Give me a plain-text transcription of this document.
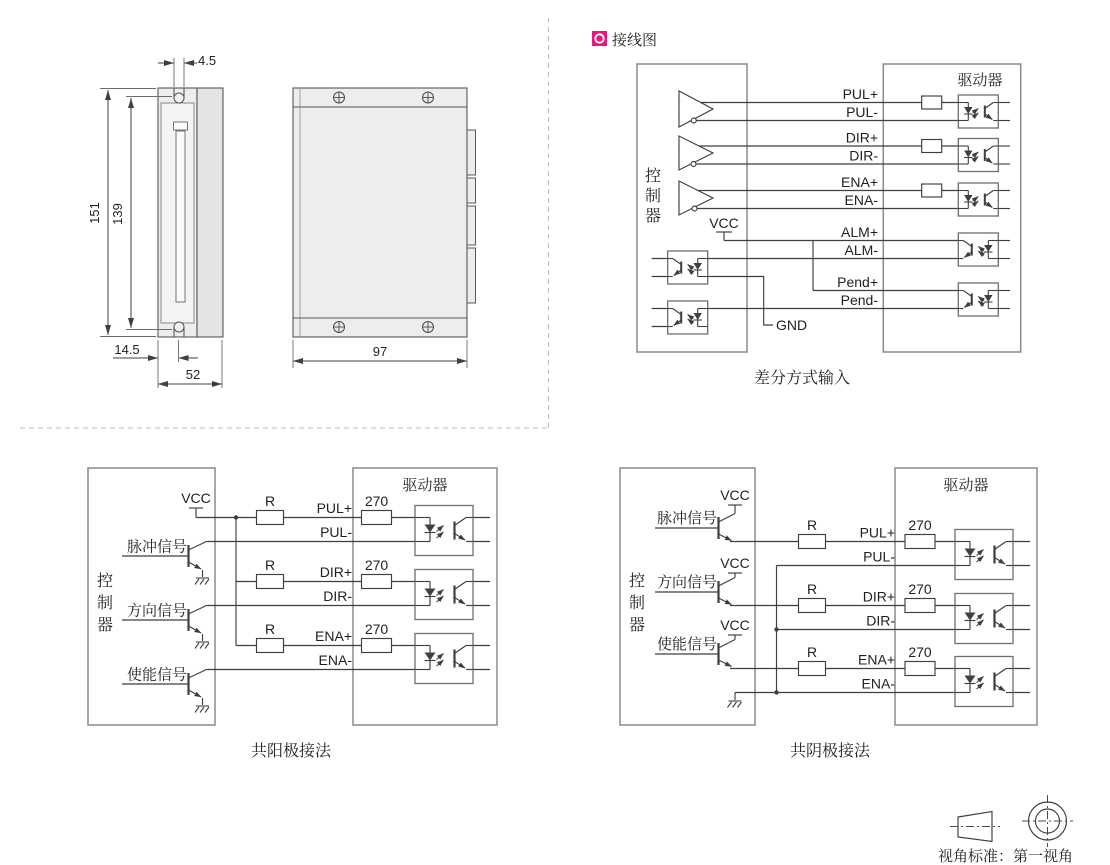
4.5
151 139
14.5
52
97
接线图
控
制
器
驱动器
VCC
GND
PUL+
PUL-
DIR+
DIR-
ENA+
ENA-
ALM+
ALM-
Pend+
Pend-
差分方式输入
控
制
器
驱动器
VCC	R
R
R
270
270
270
PUL+
PUL-
DIR+
DIR-
ENA+
ENA-
脉冲信号
方向信号
使能信号
共阳极接法
控
制
器
驱动器
VCC
VCC
VCC
R
R
R
270
270
270
PUL+
PUL-
DIR+
DIR-
ENA+
ENA-
脉冲信号
方向信号
使能信号
共阴极接法
视角标准：第一视角
